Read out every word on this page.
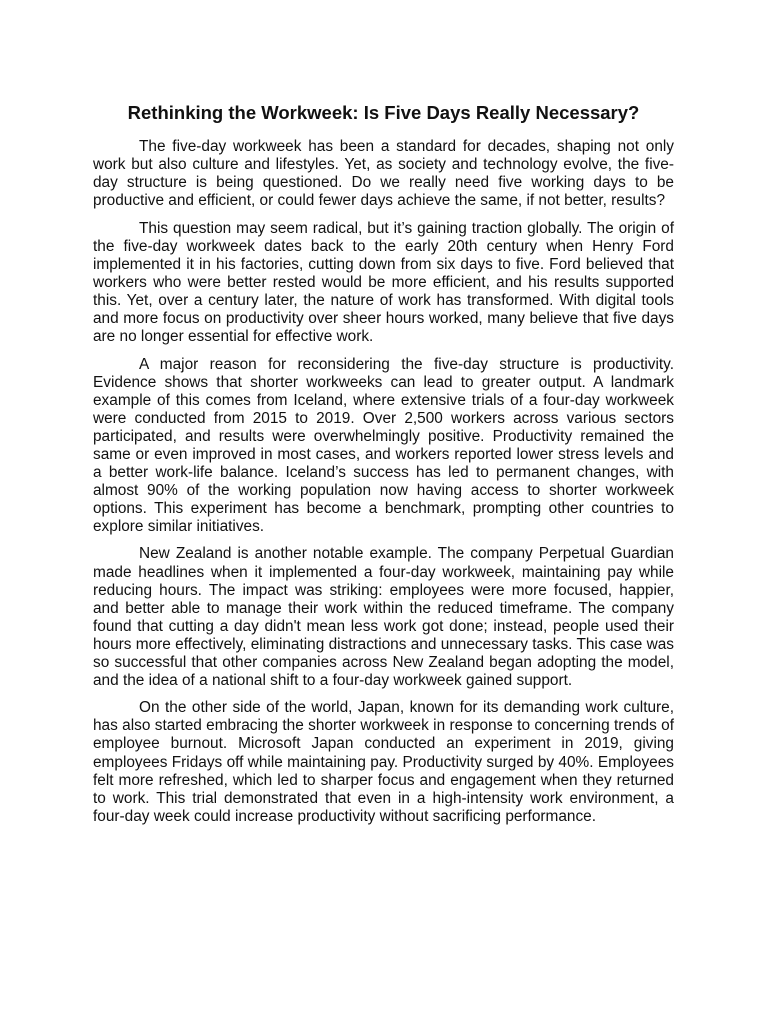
Rethinking the Workweek: Is Five Days Really Necessary?

The five-day workweek has been a standard for decades, shaping not only work but also culture and lifestyles. Yet, as society and technology evolve, the five-day structure is being questioned. Do we really need five working days to be productive and efficient, or could fewer days achieve the same, if not better, results?

This question may seem radical, but it’s gaining traction globally. The origin of the five-day workweek dates back to the early 20th century when Henry Ford implemented it in his factories, cutting down from six days to five. Ford believed that workers who were better rested would be more efficient, and his results supported this. Yet, over a century later, the nature of work has transformed. With digital tools and more focus on productivity over sheer hours worked, many believe that five days are no longer essential for effective work.

A major reason for reconsidering the five-day structure is productivity. Evidence shows that shorter workweeks can lead to greater output. A landmark example of this comes from Iceland, where extensive trials of a four-day workweek were conducted from 2015 to 2019. Over 2,500 workers across various sectors participated, and results were overwhelmingly positive. Productivity remained the same or even improved in most cases, and workers reported lower stress levels and a better work-life balance. Iceland’s success has led to permanent changes, with almost 90% of the working population now having access to shorter workweek options. This experiment has become a benchmark, prompting other countries to explore similar initiatives.

New Zealand is another notable example. The company Perpetual Guardian made headlines when it implemented a four-day workweek, maintaining pay while reducing hours. The impact was striking: employees were more focused, happier, and better able to manage their work within the reduced timeframe. The company found that cutting a day didn't mean less work got done; instead, people used their hours more effectively, eliminating distractions and unnecessary tasks. This case was so successful that other companies across New Zealand began adopting the model, and the idea of a national shift to a four-day workweek gained support.

On the other side of the world, Japan, known for its demanding work culture, has also started embracing the shorter workweek in response to concerning trends of employee burnout. Microsoft Japan conducted an experiment in 2019, giving employees Fridays off while maintaining pay. Productivity surged by 40%. Employees felt more refreshed, which led to sharper focus and engagement when they returned to work. This trial demonstrated that even in a high-intensity work environment, a four-day week could increase productivity without sacrificing performance.
